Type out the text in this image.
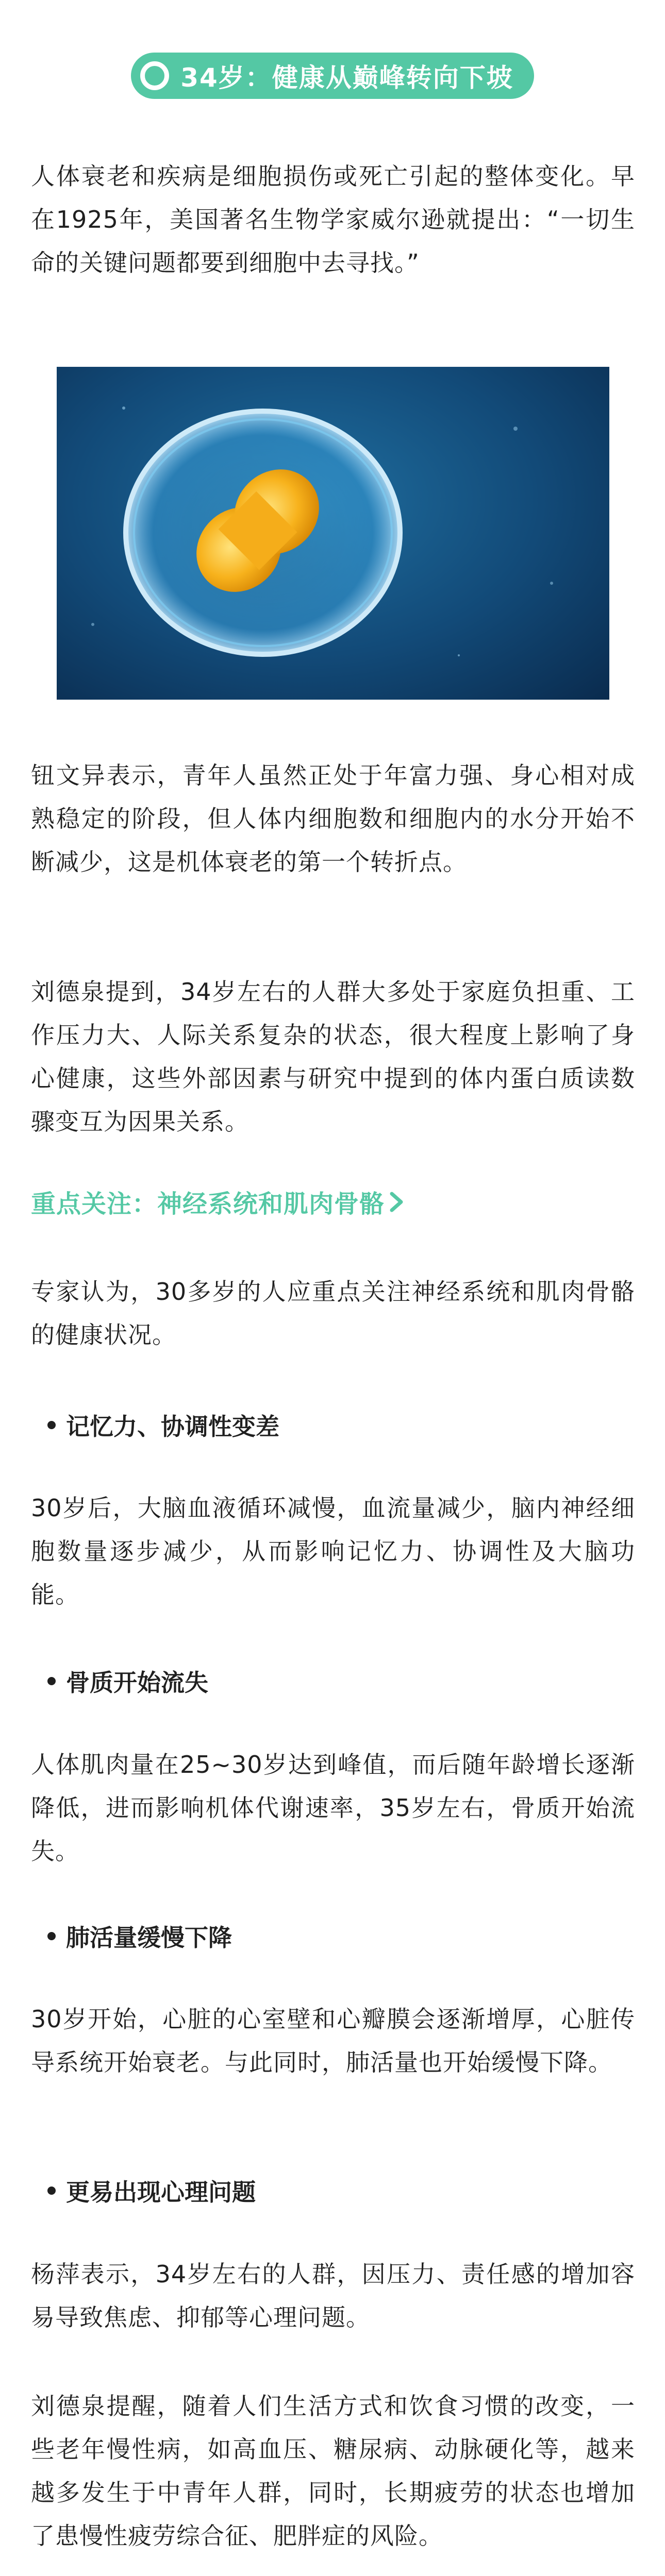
34岁：健康从巅峰转向下坡

人体衰老和疾病是细胞损伤或死亡引起的整体变化。早在1925年，美国著名生物学家威尔逊就提出：“一切生命的关键问题都要到细胞中去寻找。”

钮文异表示，青年人虽然正处于年富力强、身心相对成熟稳定的阶段，但人体内细胞数和细胞内的水分开始不断减少，这是机体衰老的第一个转折点。

刘德泉提到，34岁左右的人群大多处于家庭负担重、工作压力大、人际关系复杂的状态，很大程度上影响了身心健康，这些外部因素与研究中提到的体内蛋白质读数骤变互为因果关系。

重点关注：神经系统和肌肉骨骼

专家认为，30多岁的人应重点关注神经系统和肌肉骨骼的健康状况。

记忆力、协调性变差

30岁后，大脑血液循环减慢，血流量减少，脑内神经细胞数量逐步减少，从而影响记忆力、协调性及大脑功能。

骨质开始流失

人体肌肉量在25~30岁达到峰值，而后随年龄增长逐渐降低，进而影响机体代谢速率，35岁左右，骨质开始流失。

肺活量缓慢下降

30岁开始，心脏的心室壁和心瓣膜会逐渐增厚，心脏传导系统开始衰老。与此同时，肺活量也开始缓慢下降。

更易出现心理问题

杨萍表示，34岁左右的人群，因压力、责任感的增加容易导致焦虑、抑郁等心理问题。

刘德泉提醒，随着人们生活方式和饮食习惯的改变，一些老年慢性病，如高血压、糖尿病、动脉硬化等，越来越多发生于中青年人群，同时，长期疲劳的状态也增加了患慢性疲劳综合征、肥胖症的风险。
